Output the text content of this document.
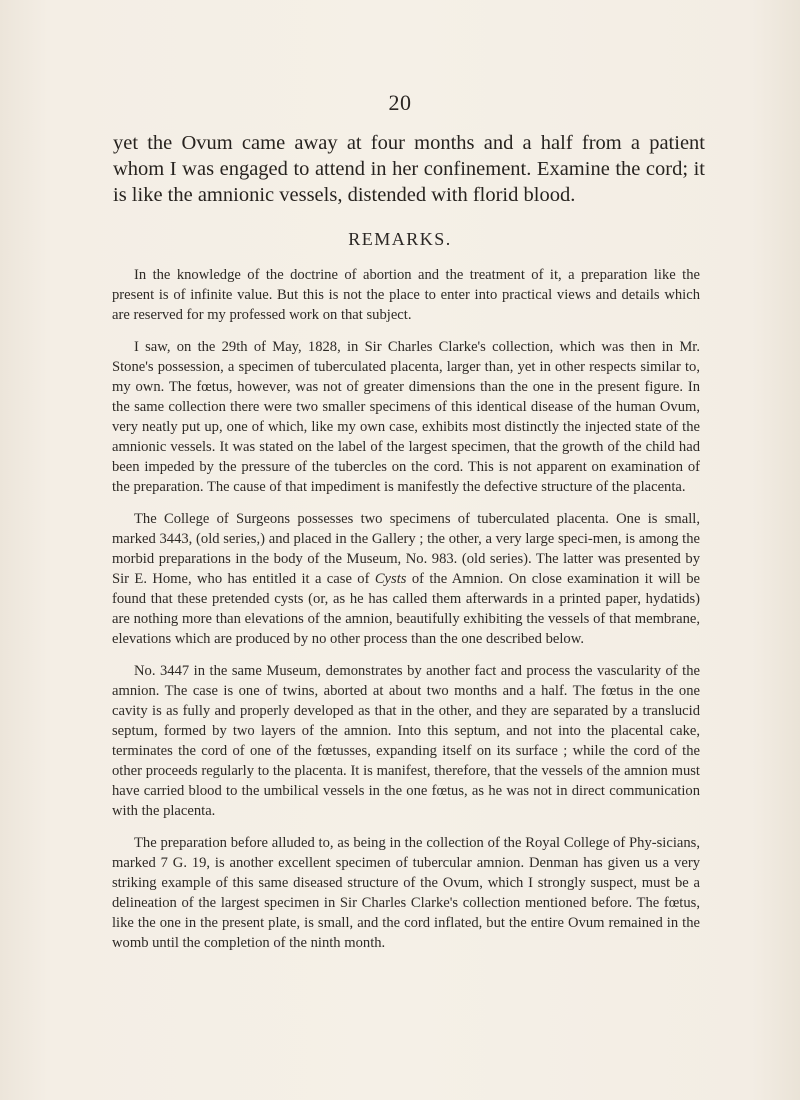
20

yet the Ovum came away at four months and a half from a patient whom I was engaged to attend in her confinement. Examine the cord; it is like the amnionic vessels, distended with florid blood.

REMARKS.

In the knowledge of the doctrine of abortion and the treatment of it, a preparation like the present is of infinite value. But this is not the place to enter into practical views and details which are reserved for my professed work on that subject.

I saw, on the 29th of May, 1828, in Sir Charles Clarke's collection, which was then in Mr. Stone's possession, a specimen of tuberculated placenta, larger than, yet in other respects similar to, my own. The fœtus, however, was not of greater dimensions than the one in the present figure. In the same collection there were two smaller specimens of this identical disease of the human Ovum, very neatly put up, one of which, like my own case, exhibits most distinctly the injected state of the amnionic vessels. It was stated on the label of the largest specimen, that the growth of the child had been impeded by the pressure of the tubercles on the cord. This is not apparent on examination of the preparation. The cause of that impediment is manifestly the defective structure of the placenta.

The College of Surgeons possesses two specimens of tuberculated placenta. One is small, marked 3443, (old series,) and placed in the Gallery ; the other, a very large speci-men, is among the morbid preparations in the body of the Museum, No. 983. (old series). The latter was presented by Sir E. Home, who has entitled it a case of Cysts of the Amnion. On close examination it will be found that these pretended cysts (or, as he has called them afterwards in a printed paper, hydatids) are nothing more than elevations of the amnion, beautifully exhibiting the vessels of that membrane, elevations which are produced by no other process than the one described below.

No. 3447 in the same Museum, demonstrates by another fact and process the vascularity of the amnion. The case is one of twins, aborted at about two months and a half. The fœtus in the one cavity is as fully and properly developed as that in the other, and they are separated by a translucid septum, formed by two layers of the amnion. Into this septum, and not into the placental cake, terminates the cord of one of the fœtusses, expanding itself on its surface ; while the cord of the other proceeds regularly to the placenta. It is manifest, therefore, that the vessels of the amnion must have carried blood to the umbilical vessels in the one fœtus, as he was not in direct communication with the placenta.

The preparation before alluded to, as being in the collection of the Royal College of Phy-sicians, marked 7 G. 19, is another excellent specimen of tubercular amnion. Denman has given us a very striking example of this same diseased structure of the Ovum, which I strongly suspect, must be a delineation of the largest specimen in Sir Charles Clarke's collection mentioned before. The fœtus, like the one in the present plate, is small, and the cord inflated, but the entire Ovum remained in the womb until the completion of the ninth month.
